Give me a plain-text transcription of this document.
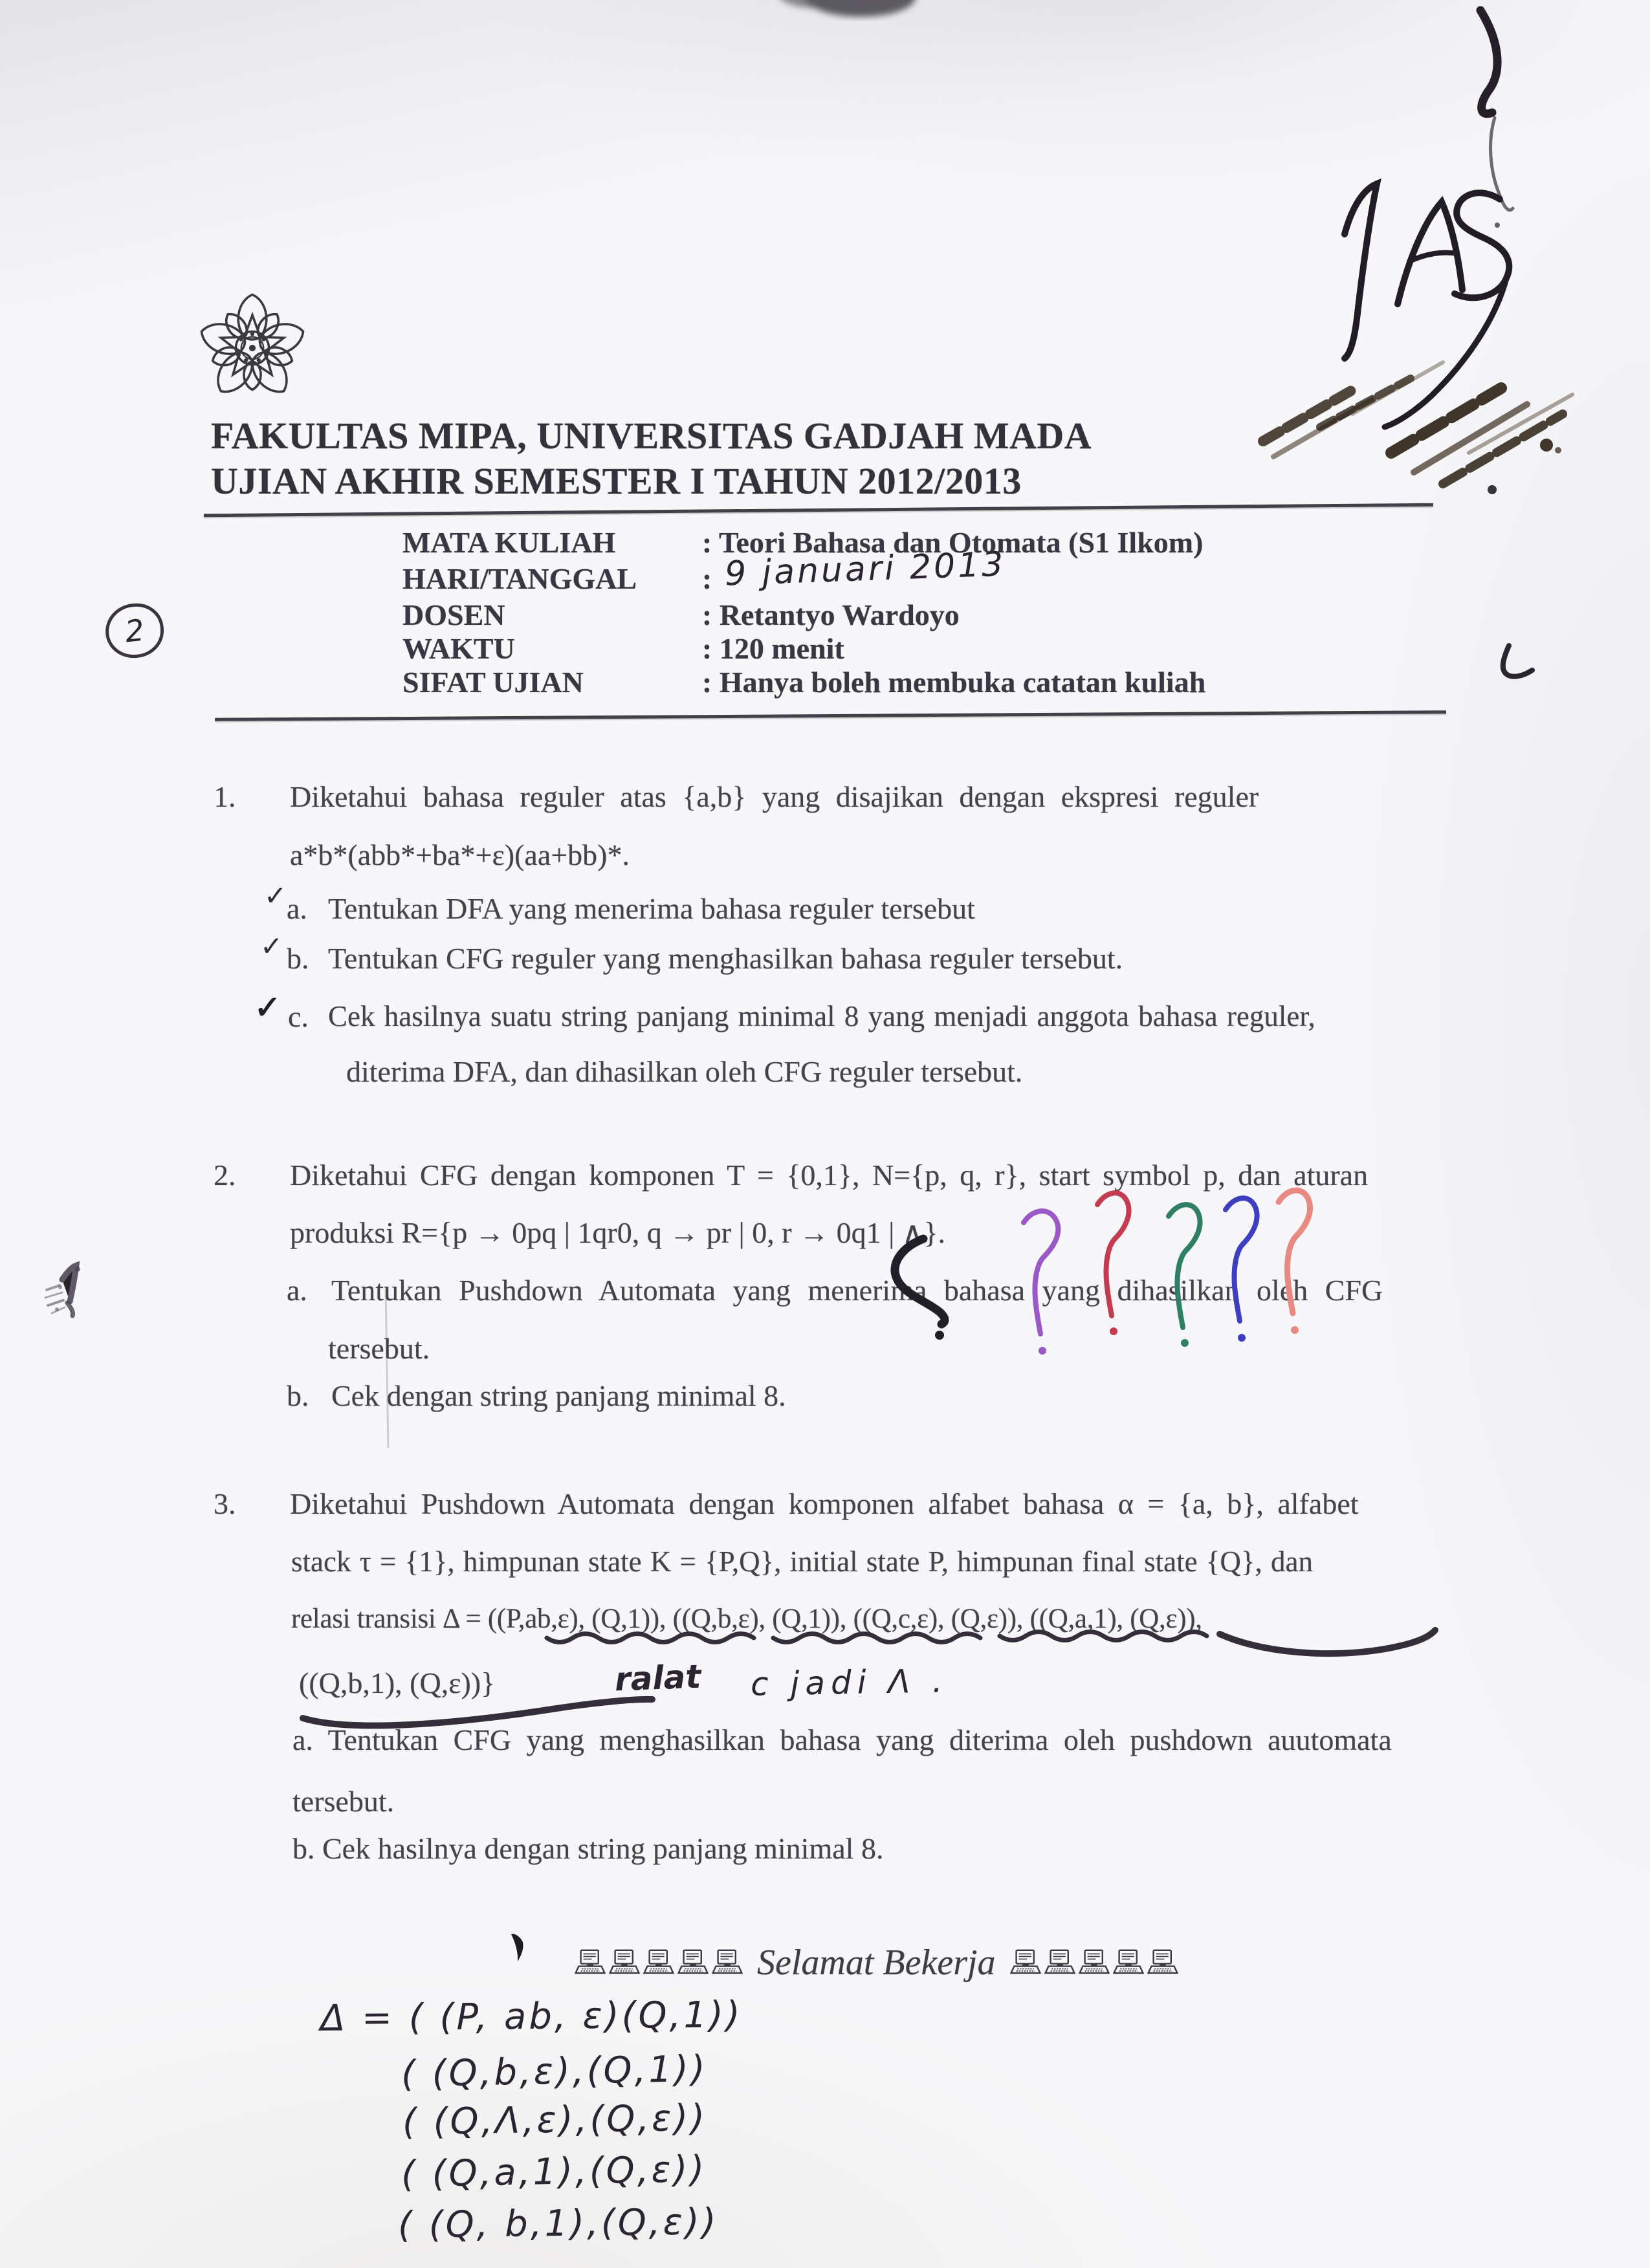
FAKULTAS MIPA, UNIVERSITAS GADJAH MADA
UJIAN AKHIR SEMESTER I TAHUN 2012/2013
MATA KULIAH	: Teori Bahasa dan Otomata (S1 Ilkom)
HARI/TANGGAL : 9 januari 2013
DOSEN	: Retantyo Wardoyo
WAKTU	: 120 menit
SIFAT UJIAN	: Hanya boleh membuka catatan kuliah
2
1. Diketahui bahasa reguler atas {a,b} yang disajikan dengan ekspresi reguler
a*b*(abb*+ba*+ε)(aa+bb)*.
✓ a. Tentukan DFA yang menerima bahasa reguler tersebut
✓ b. Tentukan CFG reguler yang menghasilkan bahasa reguler tersebut.
✓ c. Cek hasilnya suatu string panjang minimal 8 yang menjadi anggota bahasa reguler,
diterima DFA, dan dihasilkan oleh CFG reguler tersebut.
2. Diketahui CFG dengan komponen T = {0,1}, N={p, q, r}, start symbol p, dan aturan
produksi R={p → 0pq | 1qr0, q → pr | 0, r → 0q1 | ∧}.
a. Tentukan Pushdown Automata yang menerima bahasa yang dihasilkan oleh CFG
tersebut.
b. Cek dengan string panjang minimal 8.
3. Diketahui Pushdown Automata dengan komponen alfabet bahasa α = {a, b}, alfabet
stack τ = {1}, himpunan state K = {P,Q}, initial state P, himpunan final state {Q}, dan
relasi transisi Δ = ((P,ab,ε), (Q,1)), ((Q,b,ε), (Q,1)), ((Q,c,ε), (Q,ε)), ((Q,a,1), (Q,ε)),
((Q,b,1), (Q,ε))}	ralat c jadi Λ .
a. Tentukan CFG yang menghasilkan bahasa yang diterima oleh pushdown auutomata
tersebut.
b. Cek hasilnya dengan string panjang minimal 8.
Selamat Bekerja
Δ = ( (P, ab, ε)(Q,1))
( (Q,b,ε),(Q,1))
( (Q,Λ,ε),(Q,ε))
( (Q,a,1),(Q,ε))
( (Q, b,1),(Q,ε))
